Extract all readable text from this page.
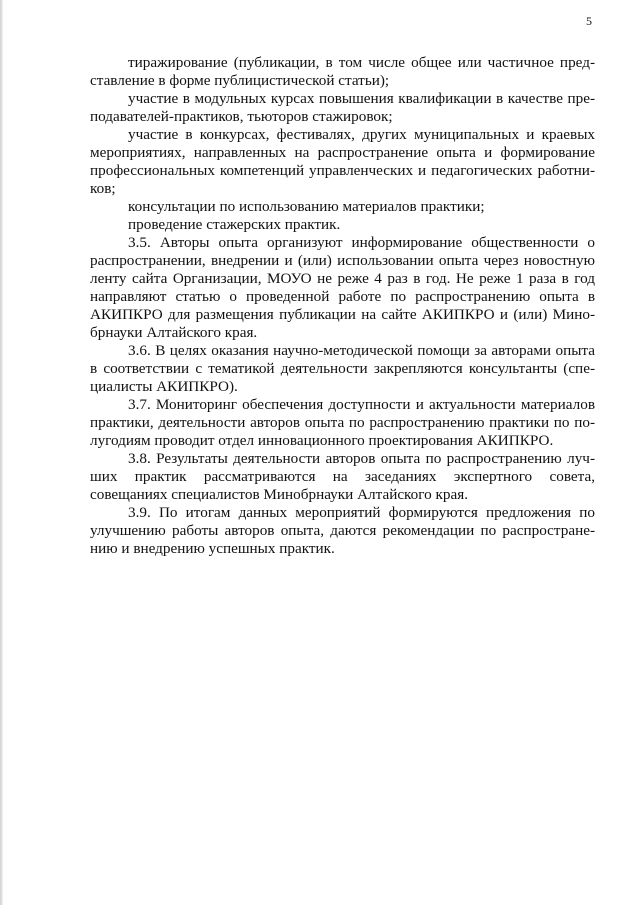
5

тиражирование (публикации, в том числе общее или частичное представление в форме публицистической статьи);

участие в модульных курсах повышения квалификации в качестве преподавателей-практиков, тьюторов стажировок;

участие в конкурсах, фестивалях, других муниципальных и краевых мероприятиях, направленных на распространение опыта и формирование профессиональных компетенций управленческих и педагогических работников;

консультации по использованию материалов практики;

проведение стажерских практик.

3.5. Авторы опыта организуют информирование общественности о распространении, внедрении и (или) использовании опыта через новостную ленту сайта Организации, МОУО не реже 4 раз в год. Не реже 1 раза в год направляют статью о проведенной работе по распространению опыта в АКИПКРО для размещения публикации на сайте АКИПКРО и (или) Минобрнауки Алтайского края.

3.6. В целях оказания научно-методической помощи за авторами опыта в соответствии с тематикой деятельности закрепляются консультанты (специалисты АКИПКРО).

3.7. Мониторинг обеспечения доступности и актуальности материалов практики, деятельности авторов опыта по распространению практики по полугодиям проводит отдел инновационного проектирования АКИПКРО.

3.8. Результаты деятельности авторов опыта по распространению лучших практик рассматриваются на заседаниях экспертного совета, совещаниях специалистов Минобрнауки Алтайского края.

3.9. По итогам данных мероприятий формируются предложения по улучшению работы авторов опыта, даются рекомендации по распространению и внедрению успешных практик.
